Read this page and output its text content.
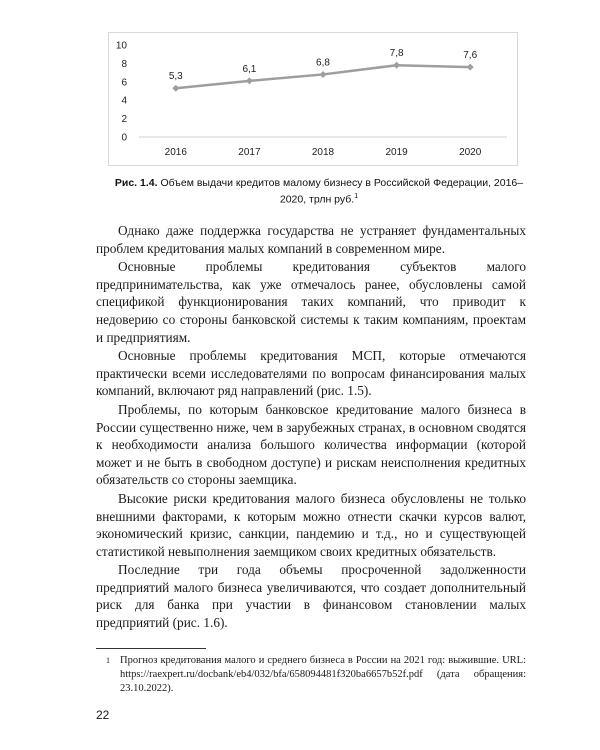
0
2
4
6
8
10
2016	2017	2018	2019	2020
5,3
6,1
6,8
7,8	7,6
Рис. 1.4. Объем выдачи кредитов малому бизнесу в Российской Федерации, 2016–2020, трлн руб.$^1$

Однако даже поддержка государства не устраняет фундаментальных проблем кредитования малых компаний в современном мире.

Основные проблемы кредитования субъектов малого предпринимательства, как уже отмечалось ранее, обусловлены самой спецификой функционирования таких компаний, что приводит к недоверию со стороны банковской системы к таким компаниям, проектам и предприятиям.

Основные проблемы кредитования МСП, которые отмечаются практически всеми исследователями по вопросам финансирования малых компаний, включают ряд направлений (рис. 1.5).

Проблемы, по которым банковское кредитование малого бизнеса в России существенно ниже, чем в зарубежных странах, в основном сводятся к необходимости анализа большого количества информации (которой может и не быть в свободном доступе) и рискам неисполнения кредитных обязательств со стороны заемщика.

Высокие риски кредитования малого бизнеса обусловлены не только внешними факторами, к которым можно отнести скачки курсов валют, экономический кризис, санкции, пандемию и т.д., но и существующей статистикой невыполнения заемщиком своих кредитных обязательств.

Последние три года объемы просроченной задолженности предприятий малого бизнеса увеличиваются, что создает дополнительный риск для банка при участии в финансовом становлении малых предприятий (рис. 1.6).

1 Прогноз кредитования малого и среднего бизнеса в России на 2021 год: выжившие. URL: https://raexpert.ru/docbank/eb4/032/bfa/658094481f320ba6657b52f.pdf (дата обращения: 23.10.2022).
22
